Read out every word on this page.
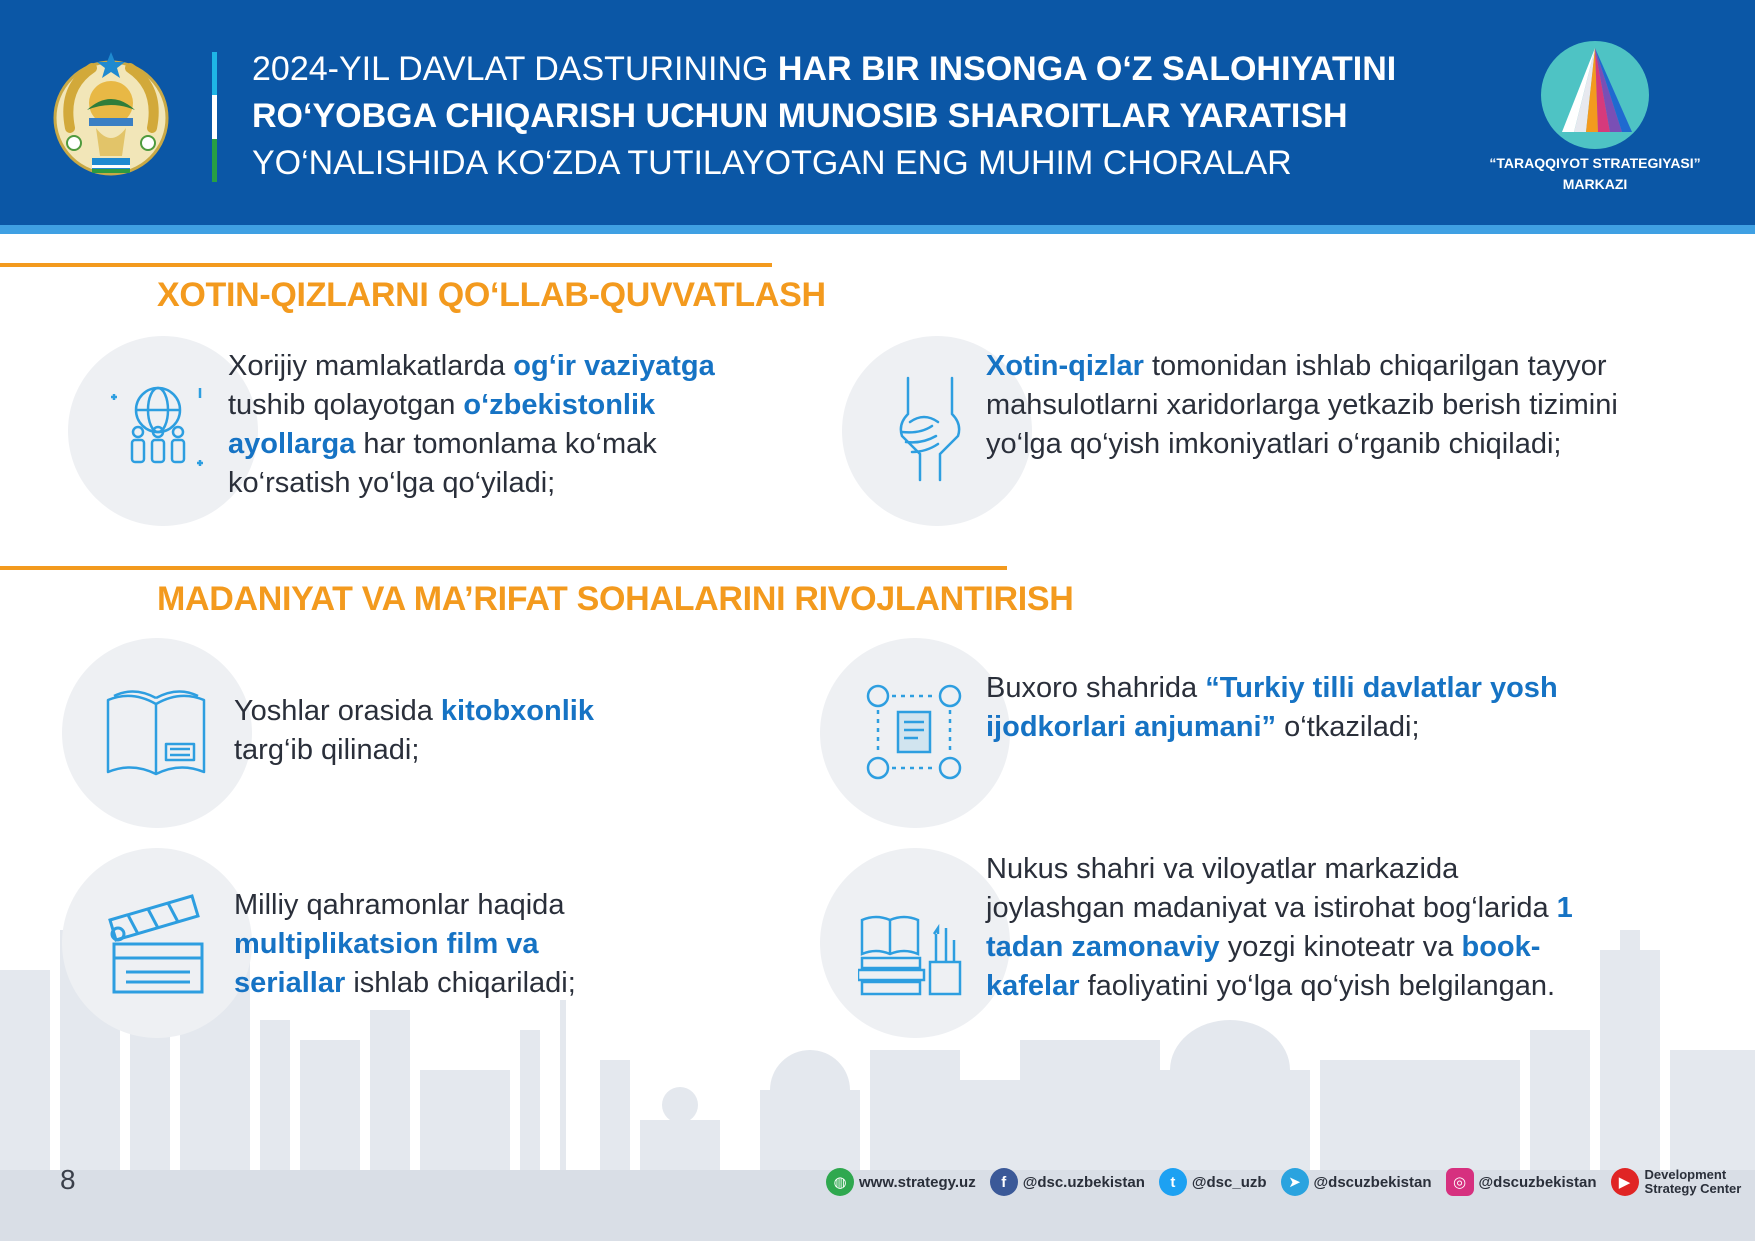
2024-YIL DAVLAT DASTURINING HAR BIR INSONGA O‘Z SALOHIYATINI
RO‘YOBGA CHIQARISH UCHUN MUNOSIB SHAROITLAR YARATISH
YO‘NALISHIDA KO‘ZDA TUTILAYOTGAN ENG MUHIM CHORALAR	“TARAQQIYOT STRATEGIYASI”
MARKAZI
XOTIN-QIZLARNI QO‘LLAB-QUVVATLASH
Xorijiy mamlakatlarda og‘ir vaziyatga tushib qolayotgan o‘zbekistonlik ayollarga har tomonlama ko‘mak ko‘rsatish yo‘lga qo‘yiladi;
Xotin-qizlar tomonidan ishlab chiqarilgan tayyor mahsulotlarni xaridorlarga yetkazib berish tizimini yo‘lga qo‘yish imkoniyatlari o‘rganib chiqiladi;
MADANIYAT VA MA’RIFAT SOHALARINI RIVOJLANTIRISH
Yoshlar orasida kitobxonlik targ‘ib qilinadi;
Buxoro shahrida “Turkiy tilli davlatlar yosh ijodkorlari anjumani” o‘tkaziladi;
Milliy qahramonlar haqida multiplikatsion film va seriallar ishlab chiqariladi;
Nukus shahri va viloyatlar markazida joylashgan madaniyat va istirohat bog‘larida 1 tadan zamonaviy yozgi kinoteatr va book-kafelar faoliyatini yo‘lga qo‘yish belgilangan.
8	◍ www.strategy.uz	f	@dsc.uzbekistan	t	@dsc_uzb	➤ @dscuzbekistan	◎ @dscuzbekistan	▶	Development
Strategy Center
